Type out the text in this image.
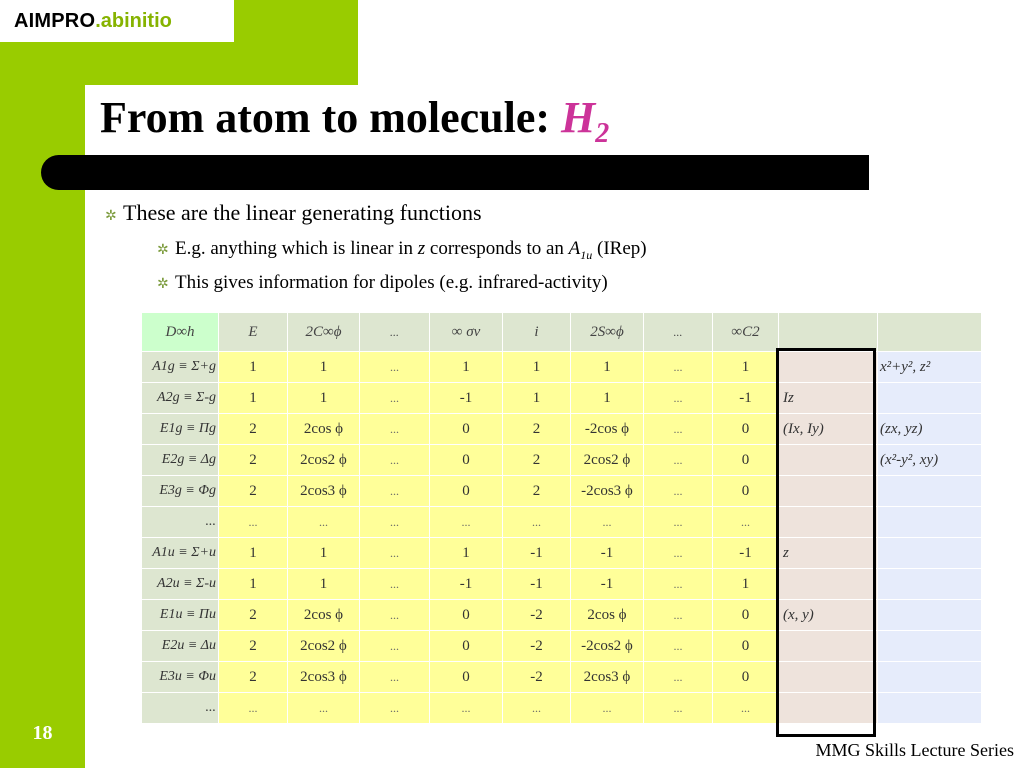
AIMPRO .abinitio
From atom to molecule: $H_2$
✲ These are the linear generating functions
✲ E.g. anything which is linear in z corresponds to an $A_{1u}$ (IRep)
✲ This gives information for dipoles (e.g. infrared-activity)
D∞h	E	2C∞ϕ	...	∞ σv	i	2S∞ϕ	...	∞C2		
A1g ≡ Σ+g	1	1	...	1	1	1	...	1		x²+y², z²
A2g ≡ Σ-g	1	1	...	-1	1	1	...	-1	Iz	
E1g ≡ Πg	2	2cos ϕ	...	0	2	-2cos ϕ	...	0	(Ix, Iy)	(zx, yz)
E2g ≡ Δg	2	2cos2 ϕ	...	0	2	2cos2 ϕ	...	0		(x²-y², xy)
E3g ≡ Φg	2	2cos3 ϕ	...	0	2	-2cos3 ϕ	...	0		
...	...	...	...	...	...	...	...	...		
A1u ≡ Σ+u	1	1	...	1	-1	-1	...	-1	z	
A2u ≡ Σ-u	1	1	...	-1	-1	-1	...	1		
E1u ≡ Πu	2	2cos ϕ	...	0	-2	2cos ϕ	...	0	(x, y)	
E2u ≡ Δu	2	2cos2 ϕ	...	0	-2	-2cos2 ϕ	...	0		
E3u ≡ Φu	2	2cos3 ϕ	...	0	-2	2cos3 ϕ	...	0		
...	...	...	...	...	...	...	...	...		
18
MMG Skills Lecture Series
